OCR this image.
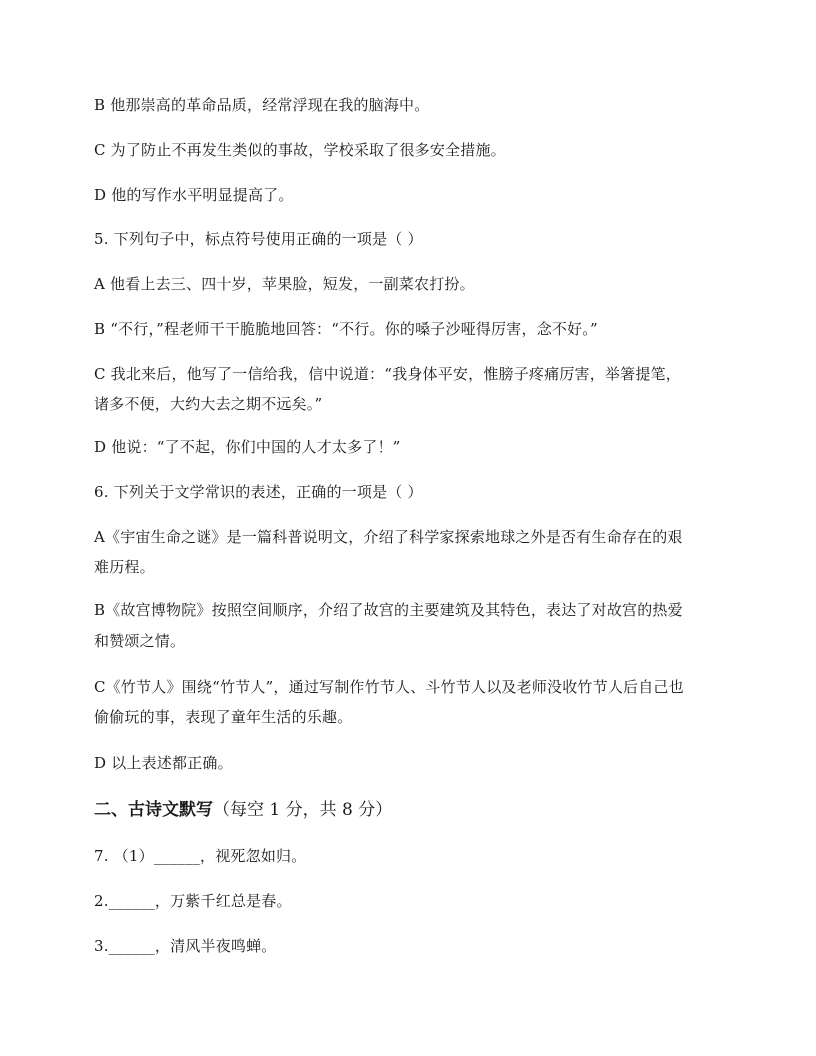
B 他那崇高的革命品质，经常浮现在我的脑海中。
C 为了防止不再发生类似的事故，学校采取了很多安全措施。
D 他的写作水平明显提高了。
5. 下列句子中，标点符号使用正确的一项是（ ）
A 他看上去三、四十岁，苹果脸，短发，一副菜农打扮。
B “不行，”程老师干干脆脆地回答：“不行。你的嗓子沙哑得厉害，念不好。”
C 我北来后，他写了一信给我，信中说道：“我身体平安，惟膀子疼痛厉害，举箸提笔，
诸多不便，大约大去之期不远矣。”
D 他说：“了不起，你们中国的人才太多了！”
6. 下列关于文学常识的表述，正确的一项是（ ）
A《宇宙生命之谜》是一篇科普说明文，介绍了科学家探索地球之外是否有生命存在的艰
难历程。
B《故宫博物院》按照空间顺序，介绍了故宫的主要建筑及其特色，表达了对故宫的热爱
和赞颂之情。
C《竹节人》围绕“竹节人”，通过写制作竹节人、斗竹节人以及老师没收竹节人后自己也
偷偷玩的事，表现了童年生活的乐趣。
D 以上表述都正确。
二、古诗文默写（每空 1 分，共 8 分）
7. （1）______，视死忽如归。
2.______，万紫千红总是春。
3.______，清风半夜鸣蝉。
